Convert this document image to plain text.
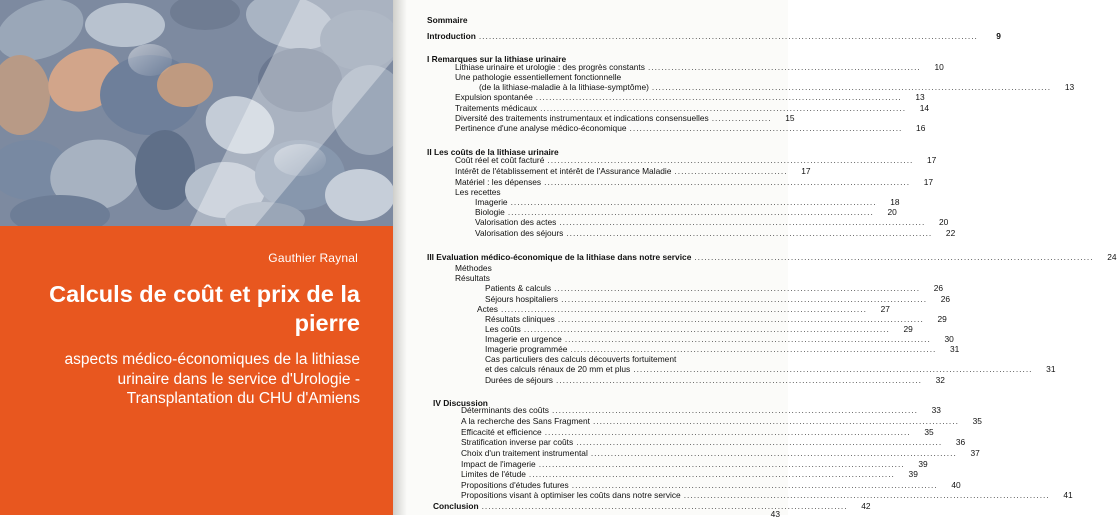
Gauthier Raynal
Calculs de coût et prix de la pierre
aspects médico-économiques de la lithiase urinaire dans le service d'Urologie - Transplantation du CHU d'Amiens
Sommaire
Introduction ......................................................................................................................................................	9
I Remarques sur la lithiase urinaire
Lithiase urinaire et urologie : des progrès constants ..................................................................................	10
Une pathologie essentiellement fonctionnelle
(de la lithiase-maladie à la lithiase-symptôme) ........................................................................................................................	13
Expulsion spontanée ..............................................................................................................	13
Traitements médicaux ..............................................................................................................	14
Diversité des traitements instrumentaux et indications consensuelles ..................	15
Pertinence d'une analyse médico-économique ..................................................................................	16
II Les coûts de la lithiase urinaire
Coût réel et coût facturé ..............................................................................................................	17
Intérêt de l'établissement et intérêt de l'Assurance Maladie ..................................	17
Matériel : les dépenses ..............................................................................................................	17
Les recettes
Imagerie ..............................................................................................................	18
Biologie ..............................................................................................................	20
Valorisation des actes ..............................................................................................................	20
Valorisation des séjours ..............................................................................................................	22
III Evaluation médico-économique de la lithiase dans notre service ........................................................................................................................	24
Méthodes
Résultats
Patients & calculs ..............................................................................................................	26
Séjours hospitaliers ..............................................................................................................	26
Actes ..............................................................................................................	27
Résultats cliniques ..............................................................................................................	29
Les coûts ..............................................................................................................	29
Imagerie en urgence ..............................................................................................................	30
Imagerie programmée ..............................................................................................................	31
Cas particuliers des calculs découverts fortuitement
et des calculs rénaux de 20 mm et plus ........................................................................................................................	31
Durées de séjours ..............................................................................................................	32
IV Discussion
Déterminants des coûts ..............................................................................................................	33
A la recherche des Sans Fragment ..............................................................................................................	35
Efficacité et efficience ..............................................................................................................	35
Stratification inverse par coûts ..............................................................................................................	36
Choix d'un traitement instrumental ..............................................................................................................	37
Impact de l'imagerie ..............................................................................................................	39
Limites de l'étude ..............................................................................................................	39
Propositions d'études futures ..............................................................................................................	40
Propositions visant à optimiser les coûts dans notre service ..............................................................................................................	41
Conclusion ..............................................................................................................	42
43
